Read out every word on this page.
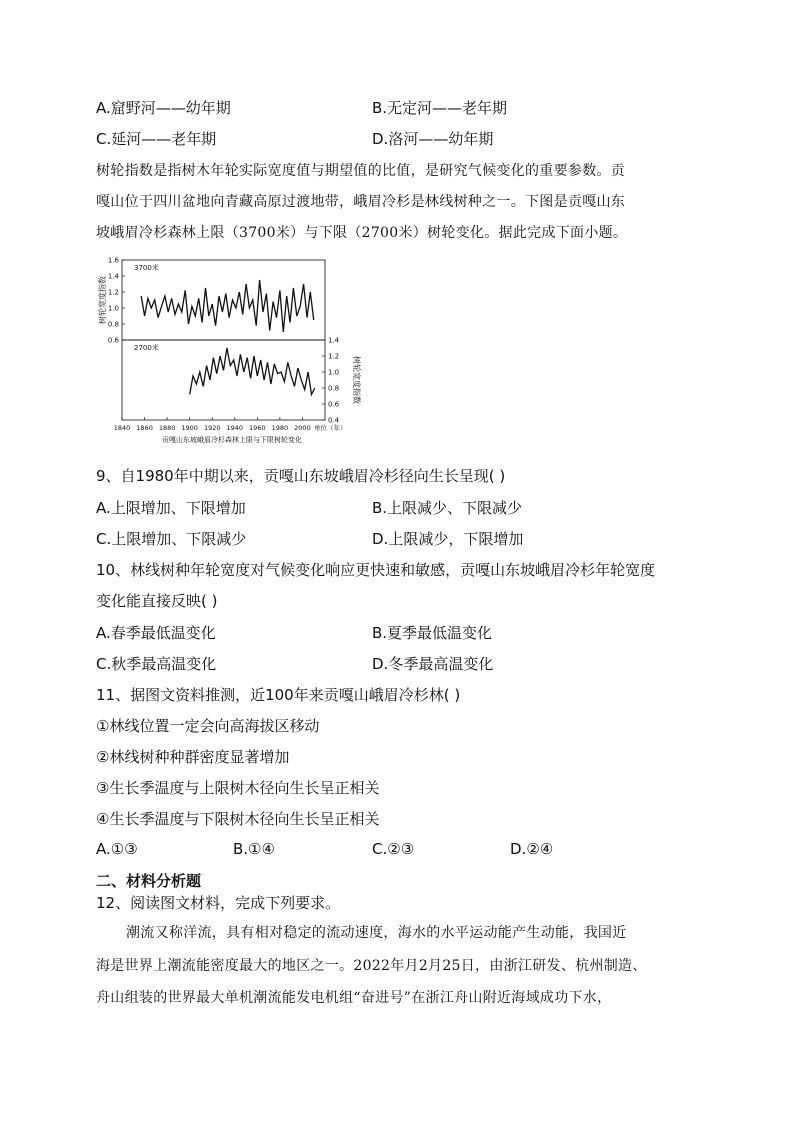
A.窟野河——幼年期	B.无定河——老年期
C.延河——老年期	D.洛河——幼年期
树轮指数是指树木年轮实际宽度值与期望值的比值，是研究气候变化的重要参数。贡
嘎山位于四川盆地向青藏高原过渡地带，峨眉冷杉是林线树种之一。下图是贡嘎山东
坡峨眉冷杉森林上限（3700米）与下限（2700米）树轮变化。据此完成下面小题。
3700米
树轮宽度指数
0.6
0.8
1.0
1.2
1.4
1.6
2700米
树轮宽度指数
0.4
0.6
0.8
1.0
1.2
1.4
1840 1860 1880 1900 1920 1940 1960 1980 2000 单位（年）
贡嘎山东坡峨眉冷杉森林上限与下限树轮变化
9、自1980年中期以来，贡嘎山东坡峨眉冷杉径向生长呈现( )
A.上限增加、下限增加	B.上限减少、下限减少
C.上限增加、下限减少	D.上限减少，下限增加
10、林线树种年轮宽度对气候变化响应更快速和敏感，贡嘎山东坡峨眉冷杉年轮宽度
变化能直接反映( )
A.春季最低温变化	B.夏季最低温变化
C.秋季最高温变化	D.冬季最高温变化
11、据图文资料推测，近100年来贡嘎山峨眉冷杉林( )
①林线位置一定会向高海拔区移动
②林线树种种群密度显著增加
③生长季温度与上限树木径向生长呈正相关
④生长季温度与下限树木径向生长呈正相关
A.①③	B.①④	C.②③	D.②④
二、材料分析题
12、阅读图文材料，完成下列要求。
潮流又称洋流，具有相对稳定的流动速度，海水的水平运动能产生动能，我国近
海是世界上潮流能密度最大的地区之一。2022年月2月25日，由浙江研发、杭州制造、
舟山组装的世界最大单机潮流能发电机组“奋进号”在浙江舟山附近海域成功下水，
